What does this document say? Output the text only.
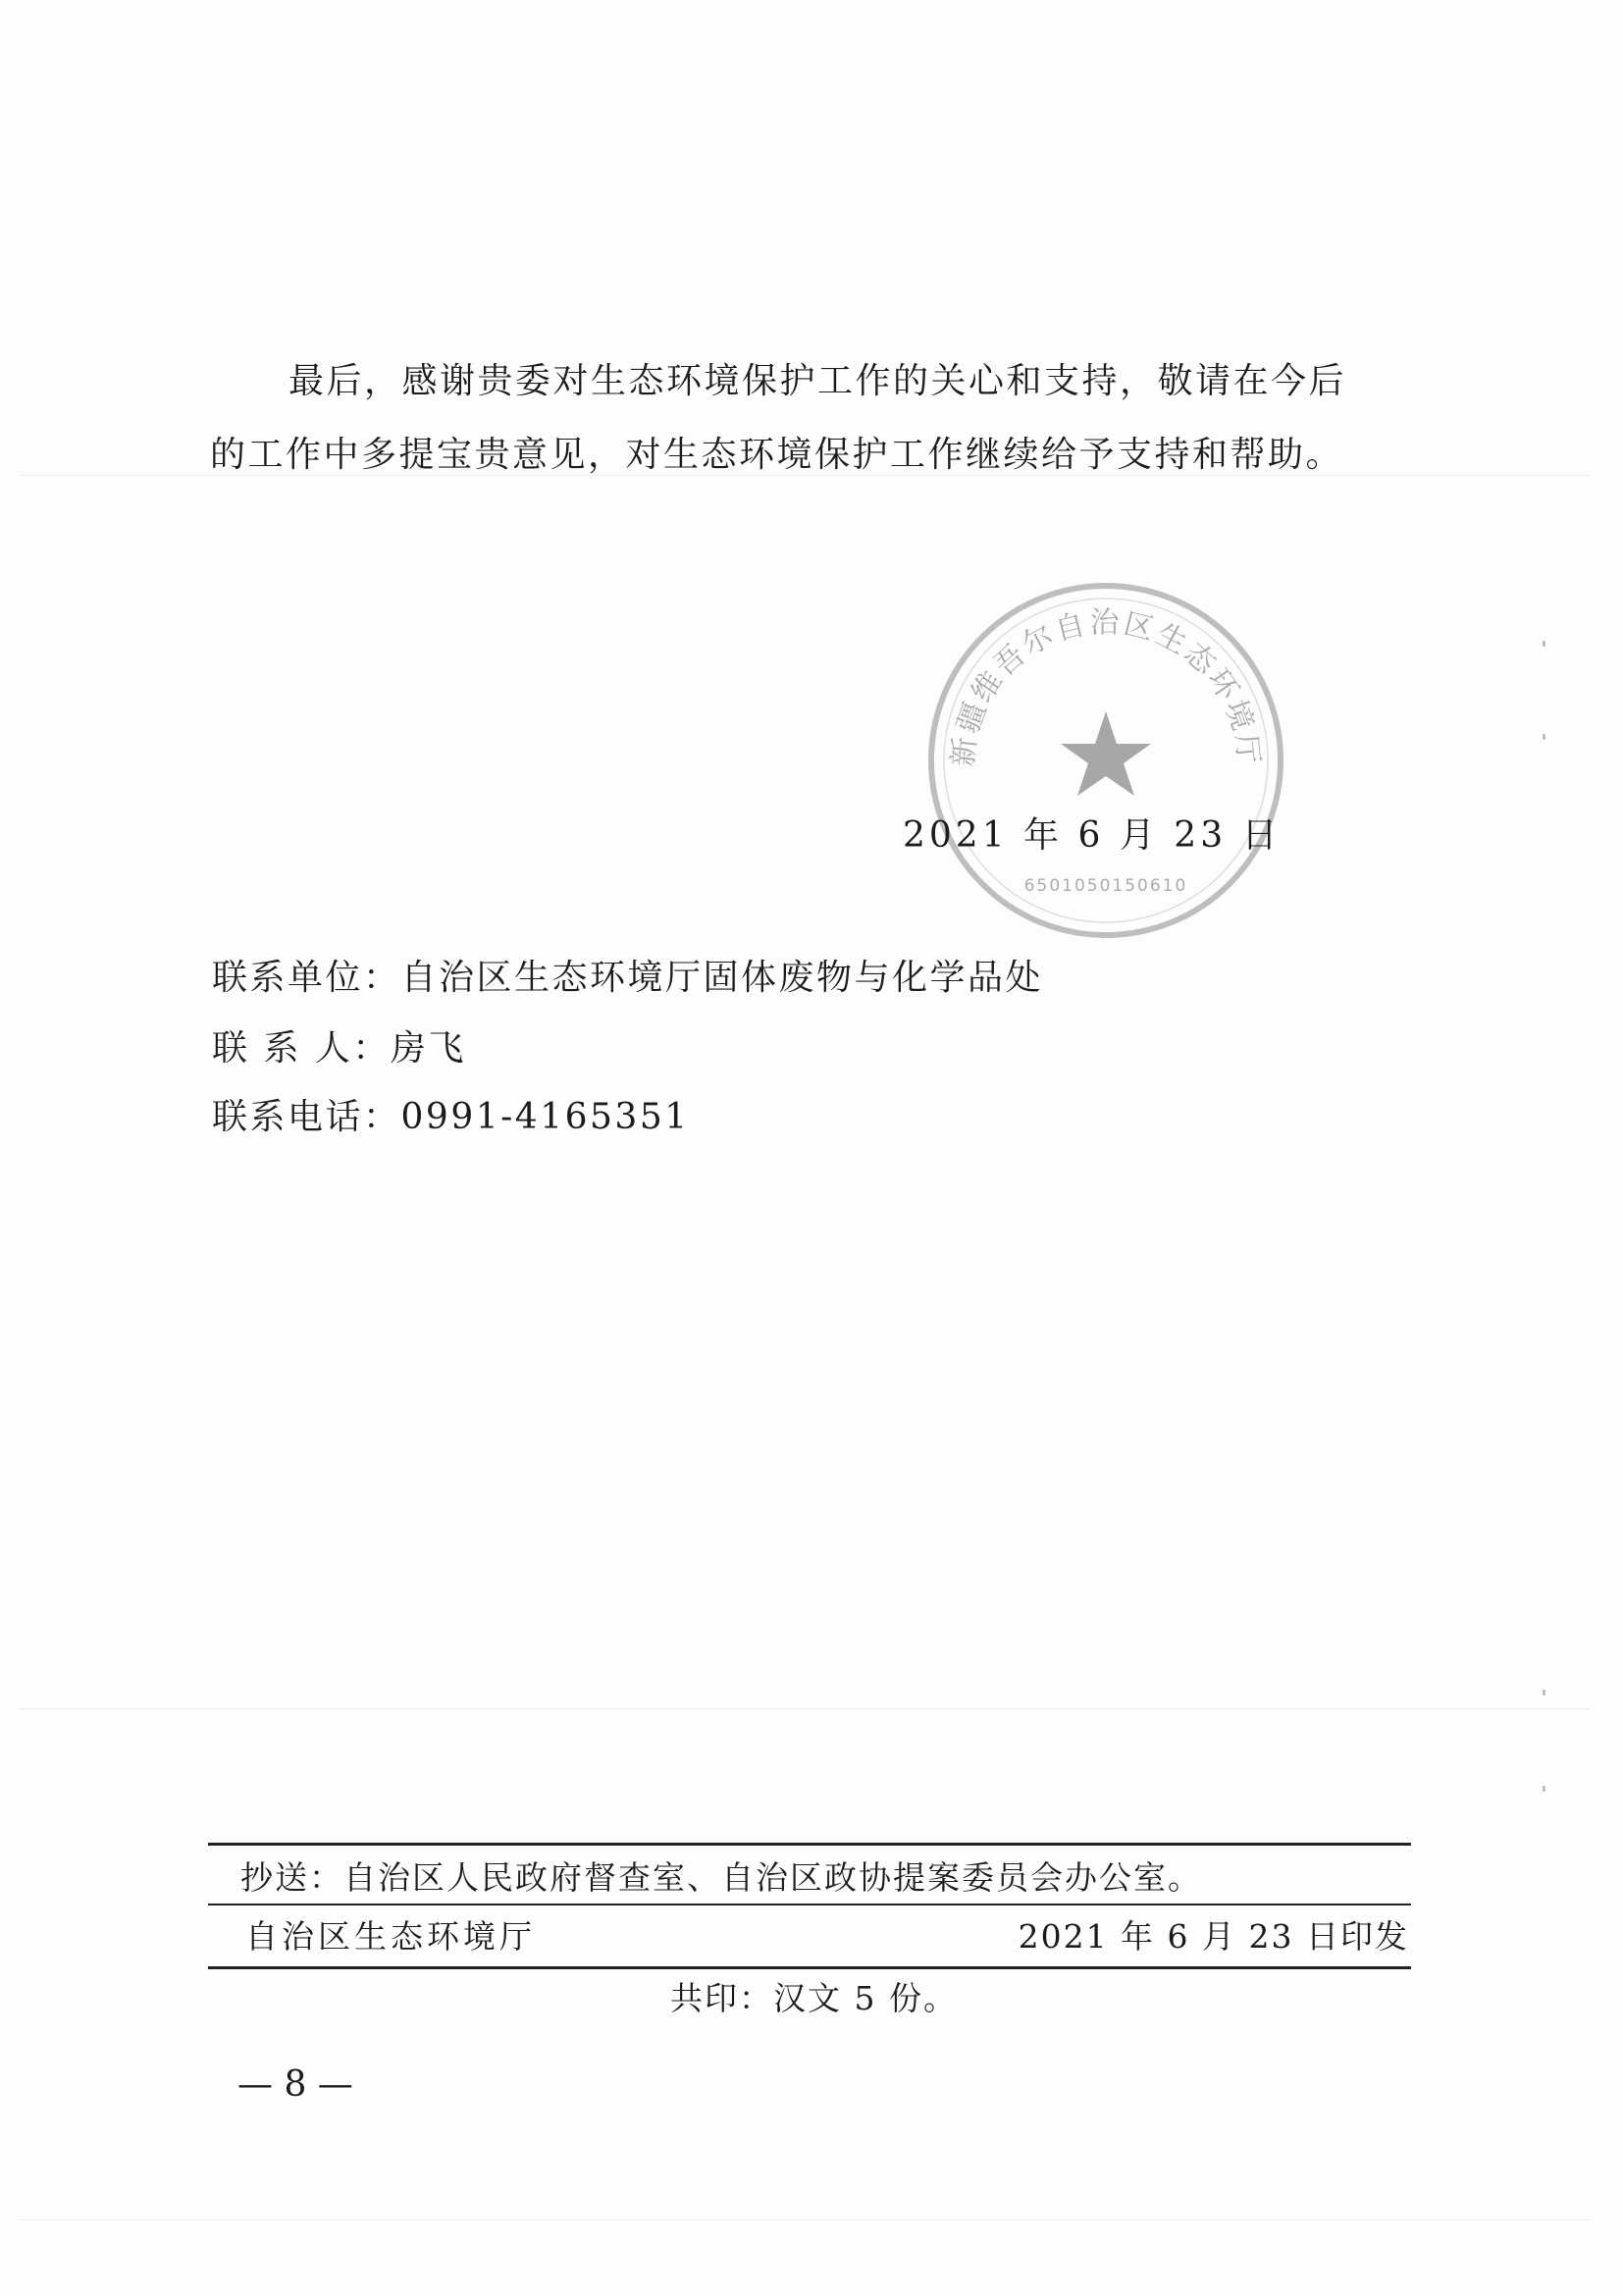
最后，感谢贵委对生态环境保护工作的关心和支持，敬请在今后
的工作中多提宝贵意见，对生态环境保护工作继续给予支持和帮助。
新疆维吾尔自治区生态环境厅
6501050150610
2021 年 6 月 23 日
联系单位：自治区生态环境厅固体废物与化学品处
联 系 人：房飞
联系电话：0991-4165351
抄送：自治区人民政府督查室、自治区政协提案委员会办公室。
自治区生态环境厅	2021 年 6 月 23 日印发
共印：汉文 5 份。
— 8 —
